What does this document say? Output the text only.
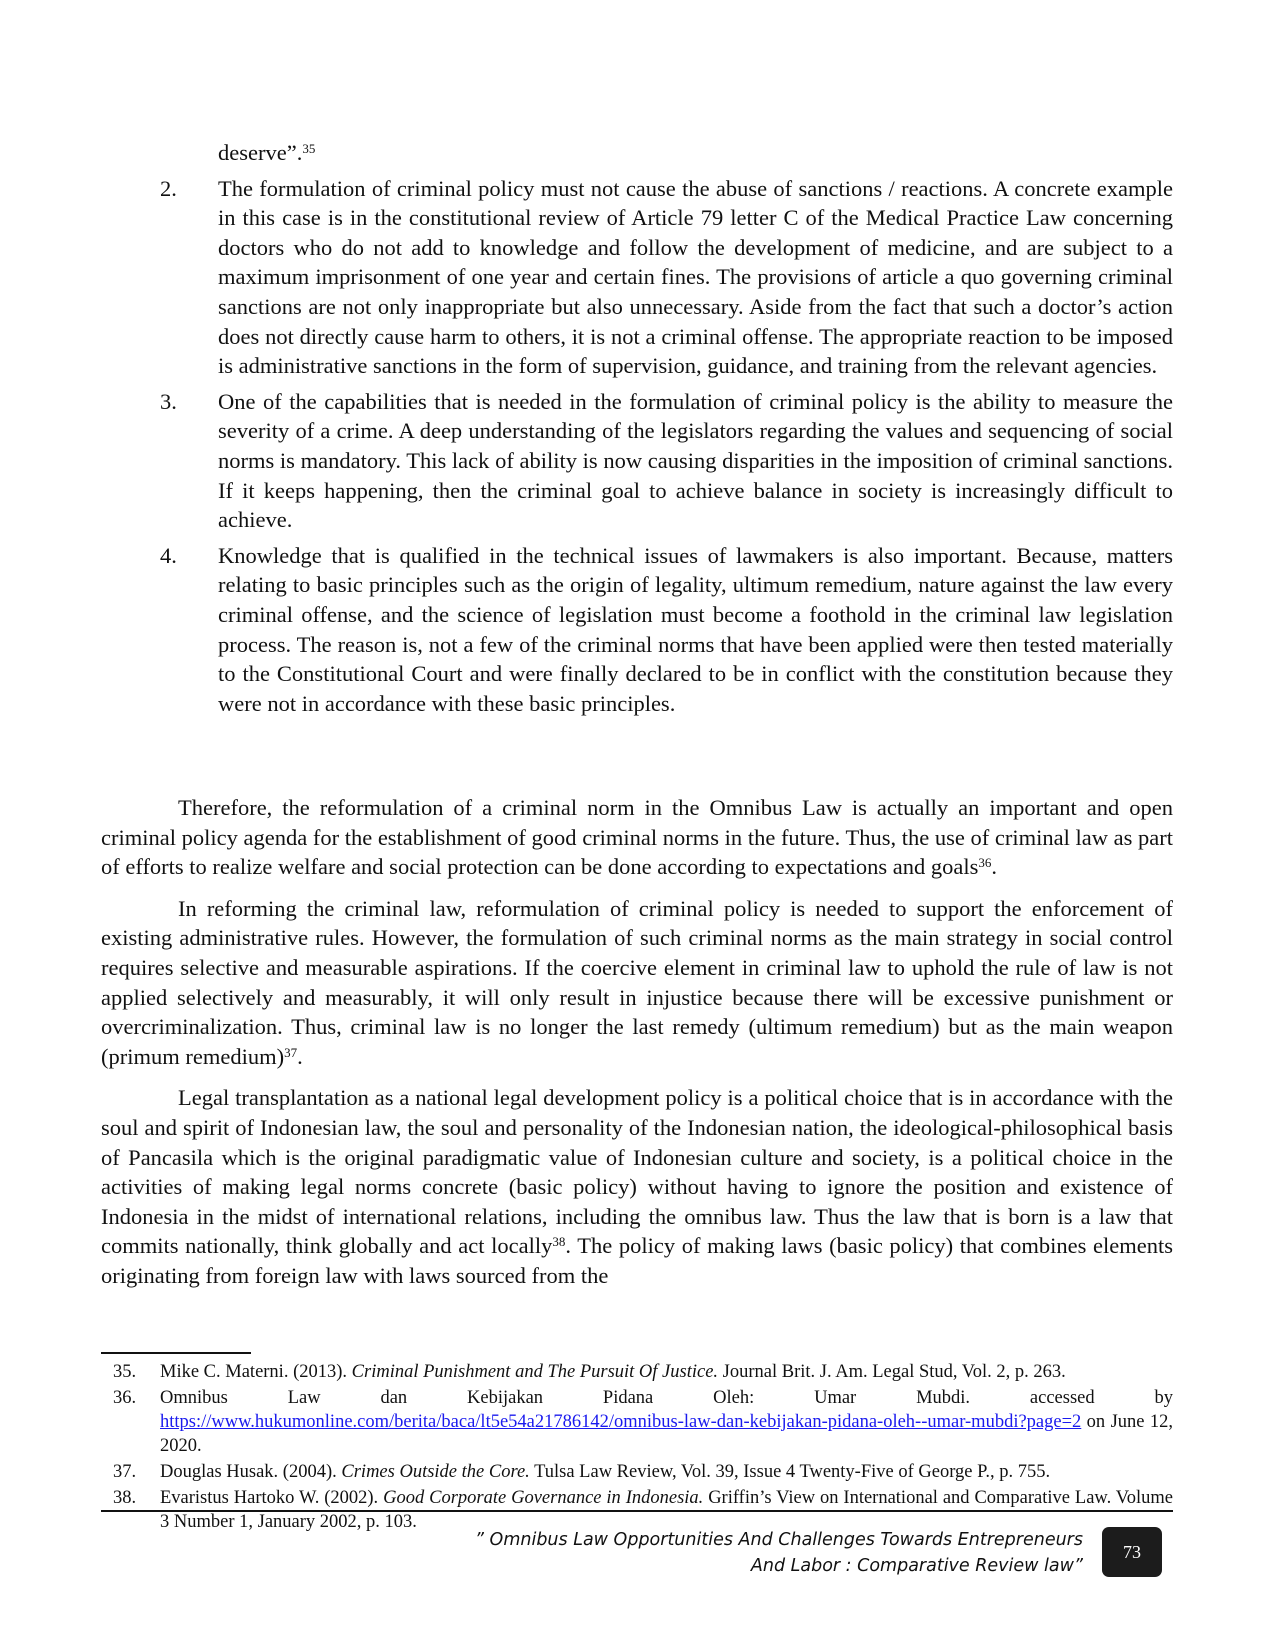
deserve”.$^{35}$
2. The formulation of criminal policy must not cause the abuse of sanctions / reactions. A concrete example in this case is in the constitutional review of Article 79 letter C of the Medical Practice Law concerning doctors who do not add to knowledge and follow the development of medicine, and are subject to a maximum imprisonment of one year and certain fines. The provisions of article a quo governing criminal sanctions are not only inappropriate but also unnecessary. Aside from the fact that such a doctor’s action does not directly cause harm to others, it is not a criminal offense. The appropriate reaction to be imposed is administrative sanctions in the form of supervision, guidance, and training from the relevant agencies.
3. One of the capabilities that is needed in the formulation of criminal policy is the ability to measure the severity of a crime. A deep understanding of the legislators regarding the values and sequencing of social norms is mandatory. This lack of ability is now causing disparities in the imposition of criminal sanctions. If it keeps happening, then the criminal goal to achieve balance in society is increasingly difficult to achieve.
4. Knowledge that is qualified in the technical issues of lawmakers is also important. Because, matters relating to basic principles such as the origin of legality, ultimum remedium, nature against the law every criminal offense, and the science of legislation must become a foothold in the criminal law legislation process. The reason is, not a few of the criminal norms that have been applied were then tested materially to the Constitutional Court and were finally declared to be in conflict with the constitution because they were not in accordance with these basic principles.

Therefore, the reformulation of a criminal norm in the Omnibus Law is actually an important and open criminal policy agenda for the establishment of good criminal norms in the future. Thus, the use of criminal law as part of efforts to realize welfare and social protection can be done according to expectations and goals$^{36}$.

In reforming the criminal law, reformulation of criminal policy is needed to support the enforcement of existing administrative rules. However, the formulation of such criminal norms as the main strategy in social control requires selective and measurable aspirations. If the coercive element in criminal law to uphold the rule of law is not applied selectively and measurably, it will only result in injustice because there will be excessive punishment or overcriminalization. Thus, criminal law is no longer the last remedy (ultimum remedium) but as the main weapon (primum remedium)$^{37}$.

Legal transplantation as a national legal development policy is a political choice that is in accordance with the soul and spirit of Indonesian law, the soul and personality of the Indonesian nation, the ideological-philosophical basis of Pancasila which is the original paradigmatic value of Indonesian culture and society, is a political choice in the activities of making legal norms concrete (basic policy) without having to ignore the position and existence of Indonesia in the midst of international relations, including the omnibus law. Thus the law that is born is a law that commits nationally, think globally and act locally$^{38}$. The policy of making laws (basic policy) that combines elements originating from foreign law with laws sourced from the

35. Mike C. Materni. (2013). Criminal Punishment and The Pursuit Of Justice. Journal Brit. J. Am. Legal Stud, Vol. 2, p. 263.
36. Omnibus Law dan Kebijakan Pidana Oleh: Umar Mubdi. accessed by https://www.hukumonline.com/berita/baca/lt5e54a21786142/omnibus-law-dan-kebijakan-pidana-oleh--umar-mubdi?page=2 on June 12, 2020.
37. Douglas Husak. (2004). Crimes Outside the Core. Tulsa Law Review, Vol. 39, Issue 4 Twenty-Five of George P., p. 755.
38. Evaristus Hartoko W. (2002). Good Corporate Governance in Indonesia. Griffin’s View on International and Comparative Law. Volume 3 Number 1, January 2002, p. 103.
” Omnibus Law Opportunities And Challenges Towards Entrepreneurs
And Labor : Comparative Review law”
73
